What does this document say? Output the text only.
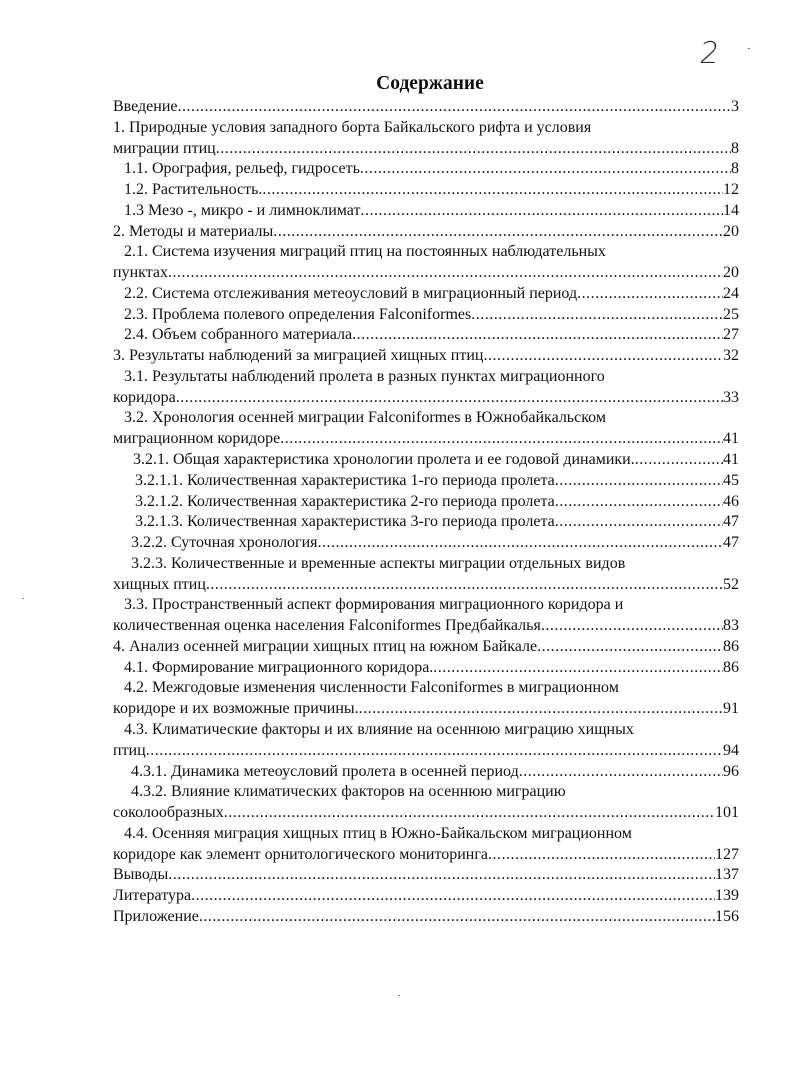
2
Содержание
Введение .....	3
1. Природные условия западного борта Байкальского рифта и условия
миграции птиц .....	8
1.1. Орография, рельеф, гидросеть .....	8
1.2. Растительность. .....	12
1.3 Мезо -, микро - и лимноклимат .....	14
2. Методы и материалы .....	20
2.1. Система изучения миграций птиц на постоянных наблюдательных
пунктах .....	20
2.2. Система отслеживания метеоусловий в миграционный период .....	24
2.3. Проблема полевого определения Falconiformes .....	25
2.4. Объем собранного материала .....	27
3. Результаты наблюдений за миграцией хищных птиц .....	32
3.1. Результаты наблюдений пролета в разных пунктах миграционного
коридора .....	33
3.2. Хронология осенней миграции Falconiformes в Южнобайкальском
миграционном коридоре .....	41
3.2.1. Общая характеристика хронологии пролета и ее годовой динамики. .....	41
3.2.1.1. Количественная характеристика 1-го периода пролета .....	45
3.2.1.2. Количественная характеристика 2-го периода пролета .....	46
3.2.1.3. Количественная характеристика 3-го периода пролета .....	47
3.2.2. Суточная хронология .....	47
3.2.3. Количественные и временные аспекты миграции отдельных видов
хищных птиц .....	52
3.3. Пространственный аспект формирования миграционного коридора и
количественная оценка населения Falconiformes Предбайкалья .....	83
4. Анализ осенней миграции хищных птиц на южном Байкале .....	86
4.1. Формирование миграционного коридора. .....	86
4.2. Межгодовые изменения численности Falconiformes в миграционном
коридоре и их возможные причины. .....	91
4.3. Климатические факторы и их влияние на осеннюю миграцию хищных
птиц .....	94
4.3.1. Динамика метеоусловий пролета в осенней период .....	96
4.3.2. Влияние климатических факторов на осеннюю миграцию
соколообразных .....	101
4.4. Осенняя миграция хищных птиц в Южно-Байкальском миграционном
коридоре как элемент орнитологического мониторинга .....	127
Выводы .....	137
Литература .....	139
Приложение .....	156
